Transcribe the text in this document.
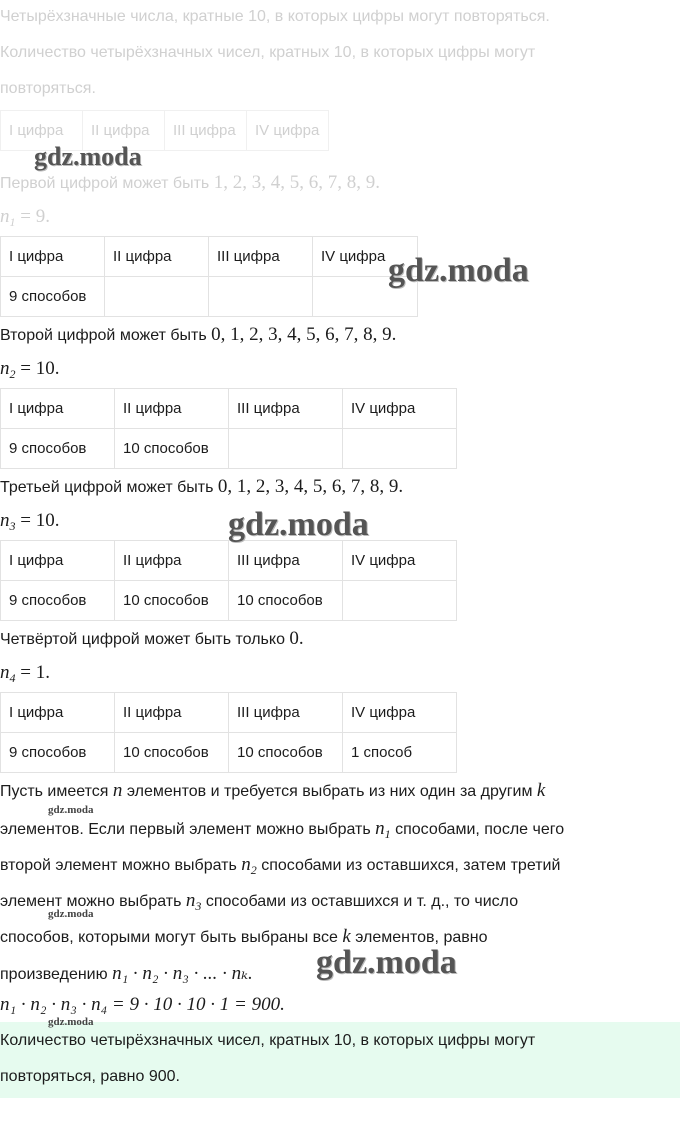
Четырёхзначные числа, кратные 10, в которых цифры могут повторяться.
Количество четырёхзначных чисел, кратных 10, в которых цифры могут
повторяться.
I цифра	II цифра	III цифра	IV цифра
Первой цифрой может быть 1, 2, 3, 4, 5, 6, 7, 8, 9.
$n_1 = 9$.
I цифра	II цифра	III цифра	IV цифра
9 способов			
Второй цифрой может быть 0, 1, 2, 3, 4, 5, 6, 7, 8, 9.
$n_2 = 10$.
I цифра	II цифра	III цифра	IV цифра
9 способов	10 способов		
Третьей цифрой может быть 0, 1, 2, 3, 4, 5, 6, 7, 8, 9.
$n_3 = 10$.
I цифра	II цифра	III цифра	IV цифра
9 способов	10 способов	10 способов	
Четвёртой цифрой может быть только 0.
$n_4 = 1$.
I цифра	II цифра	III цифра	IV цифра
9 способов	10 способов	10 способов	1 способ
Пусть имеется n элементов и требуется выбрать из них один за другим k
элементов. Если первый элемент можно выбрать $n_1$ способами, после чего
второй элемент можно выбрать $n_2$ способами из оставшихся, затем третий
элемент можно выбрать $n_3$ способами из оставшихся и т. д., то число
способов, которыми могут быть выбраны все k элементов, равно
произведению n₁ · n₂ · n₃ · ... · nₖ.
n₁ · n₂ · n₃ · n₄ = 9 · 10 · 10 · 1 = 900.
Количество четырёхзначных чисел, кратных 10, в которых цифры могут
повторяться, равно 900.
gdz.moda
gdz.moda
gdz.moda
gdz.moda
gdz.moda
gdz.moda
gdz.moda
